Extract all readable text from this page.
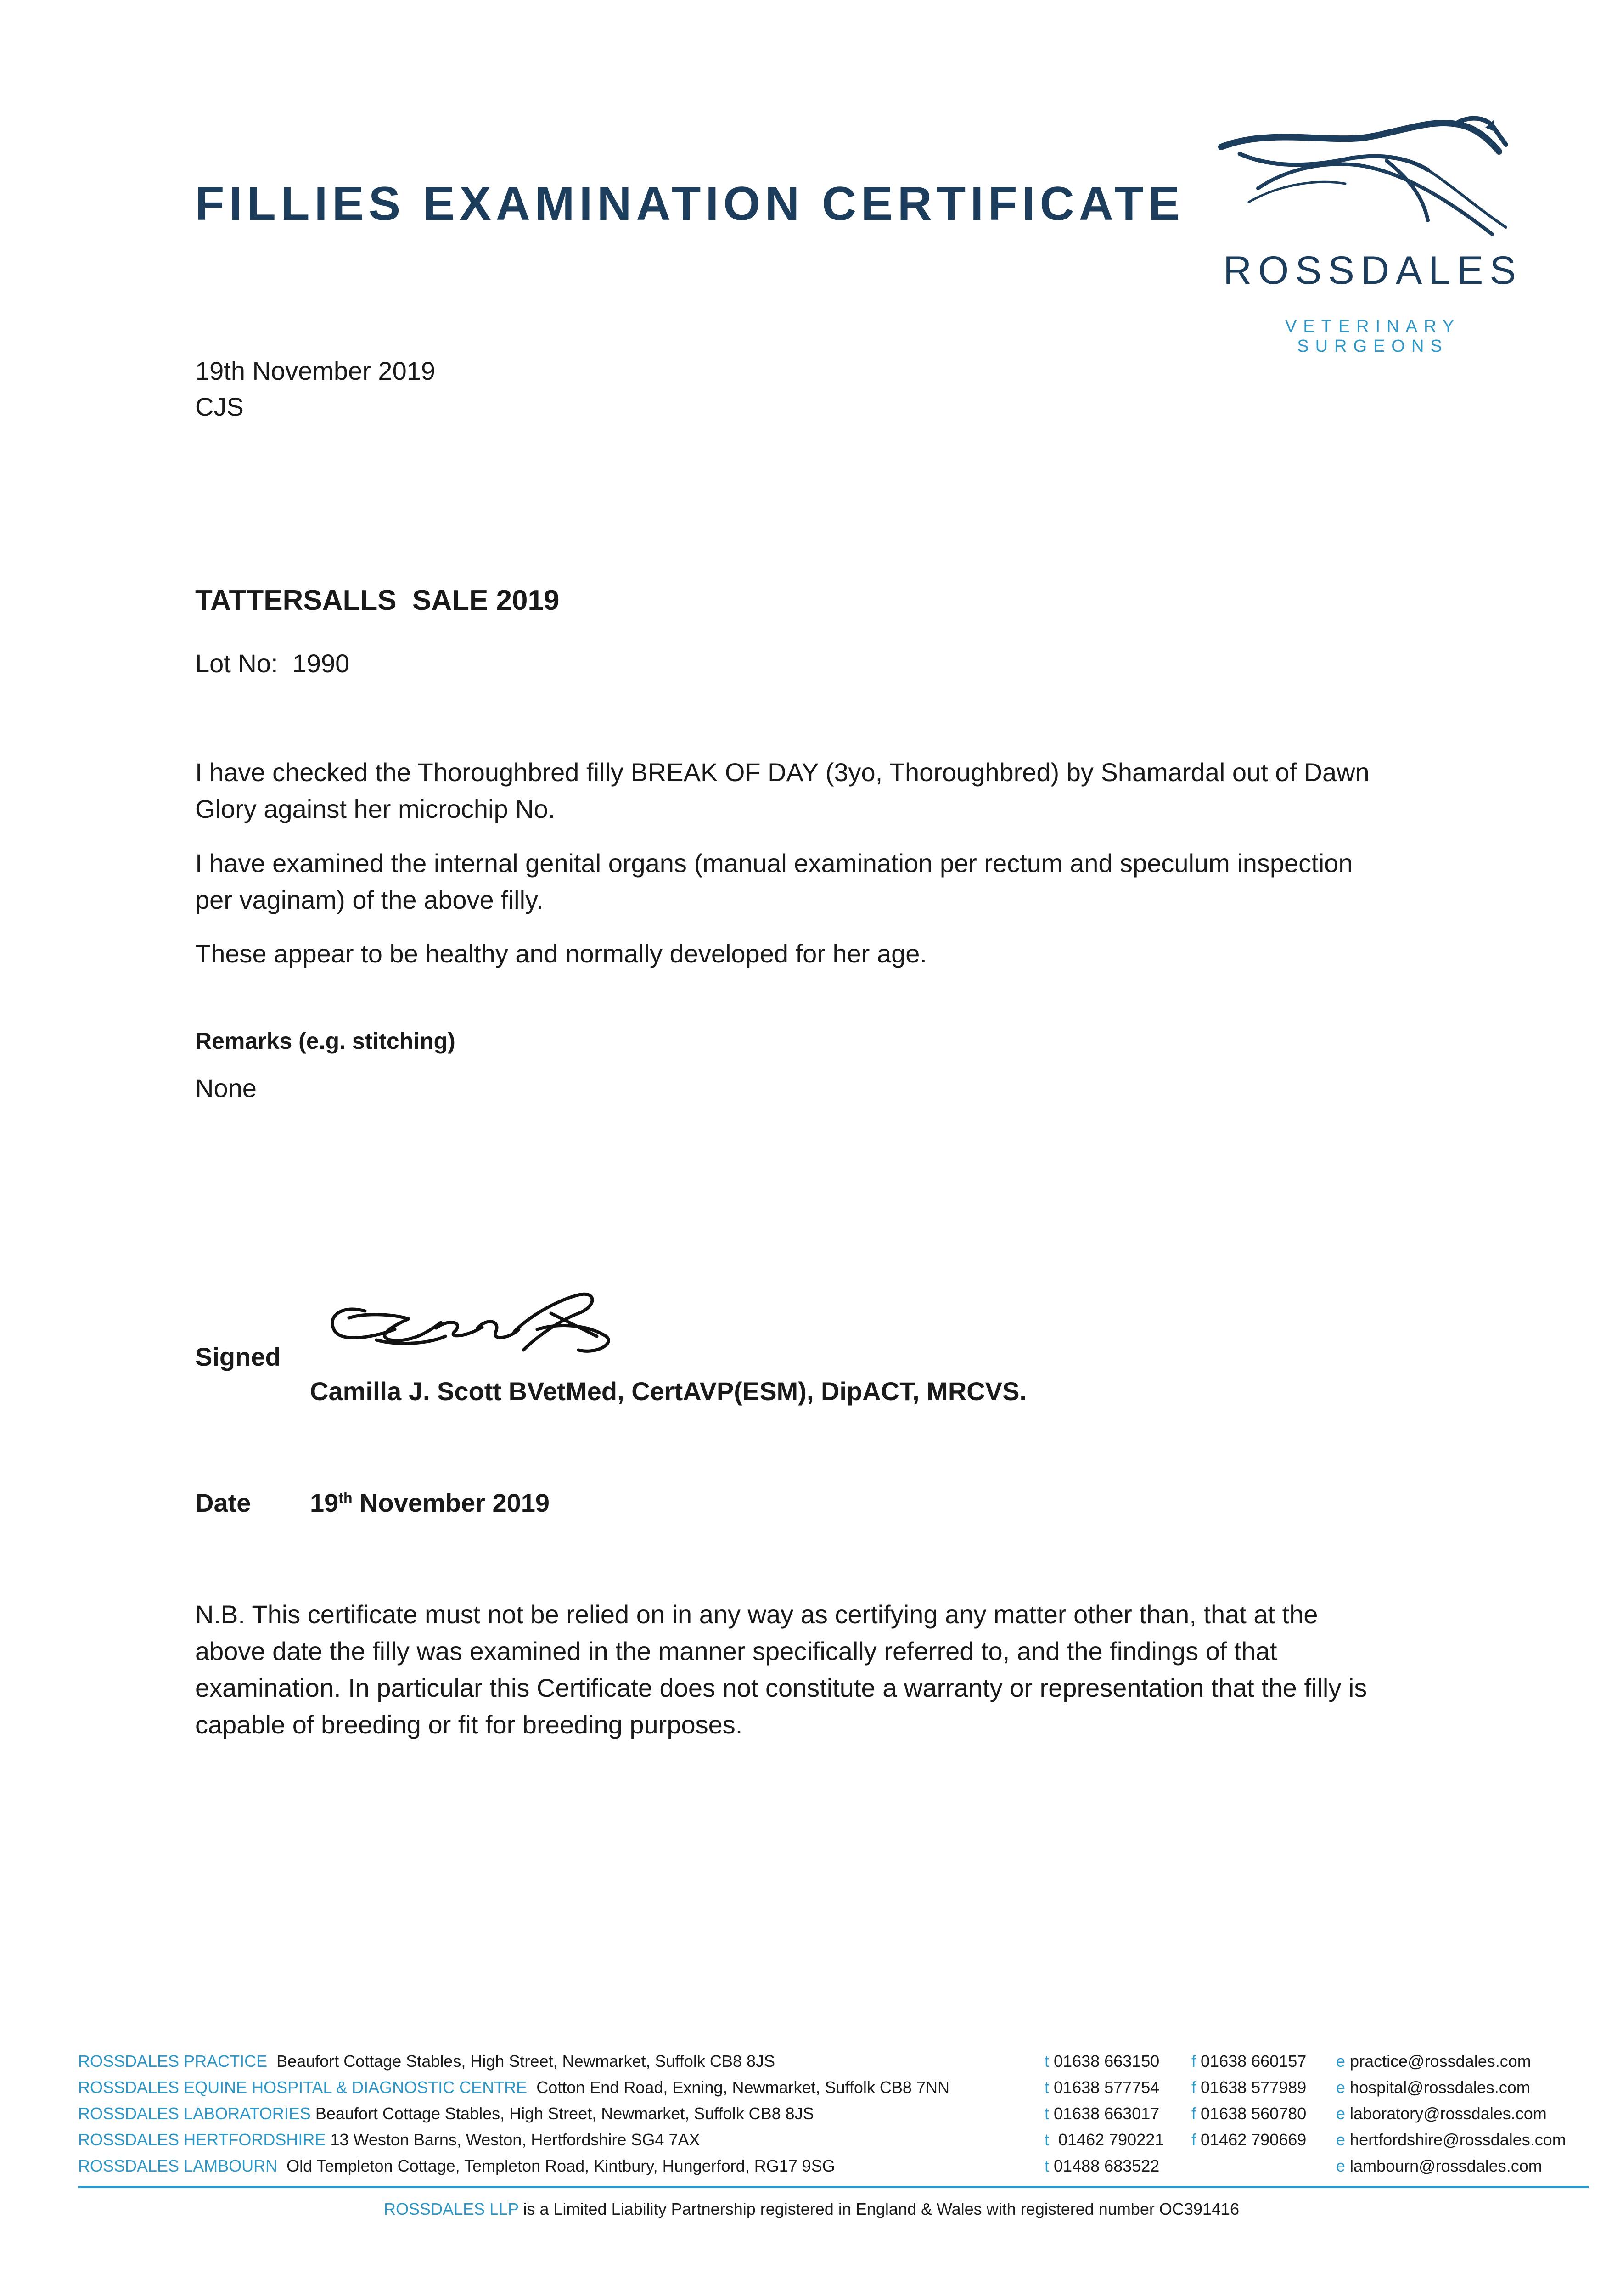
FILLIES EXAMINATION CERTIFICATE
ROSSDALES
VETERINARY SURGEONS
19th November 2019
CJS
TATTERSALLS  SALE 2019
Lot No:  1990
I have checked the Thoroughbred filly BREAK OF DAY (3yo, Thoroughbred) by Shamardal out of Dawn
Glory against her microchip No.
I have examined the internal genital organs (manual examination per rectum and speculum inspection
per vaginam) of the above filly.
These appear to be healthy and normally developed for her age.
Remarks (e.g. stitching)
None
Signed
Camilla J. Scott BVetMed, CertAVP(ESM), DipACT, MRCVS.
Date 19th November 2019
N.B. This certificate must not be relied on in any way as certifying any matter other than, that at the
above date the filly was examined in the manner specifically referred to, and the findings of that
examination. In particular this Certificate does not constitute a warranty or representation that the filly is
capable of breeding or fit for breeding purposes.
ROSSDALES PRACTICE  Beaufort Cottage Stables, High Street, Newmarket, Suffolk CB8 8JS	t 01638 663150 f 01638 660157 e practice@rossdales.com
ROSSDALES EQUINE HOSPITAL & DIAGNOSTIC CENTRE  Cotton End Road, Exning, Newmarket, Suffolk CB8 7NN	t 01638 577754 f 01638 577989 e hospital@rossdales.com
ROSSDALES LABORATORIES Beaufort Cottage Stables, High Street, Newmarket, Suffolk CB8 8JS	t 01638 663017 f 01638 560780 e laboratory@rossdales.com
ROSSDALES HERTFORDSHIRE 13 Weston Barns, Weston, Hertfordshire SG4 7AX	t  01462 790221 f 01462 790669 e hertfordshire@rossdales.com
ROSSDALES LAMBOURN  Old Templeton Cottage, Templeton Road, Kintbury, Hungerford, RG17 9SG	t 01488 683522	e lambourn@rossdales.com
ROSSDALES LLP is a Limited Liability Partnership registered in England & Wales with registered number OC391416
